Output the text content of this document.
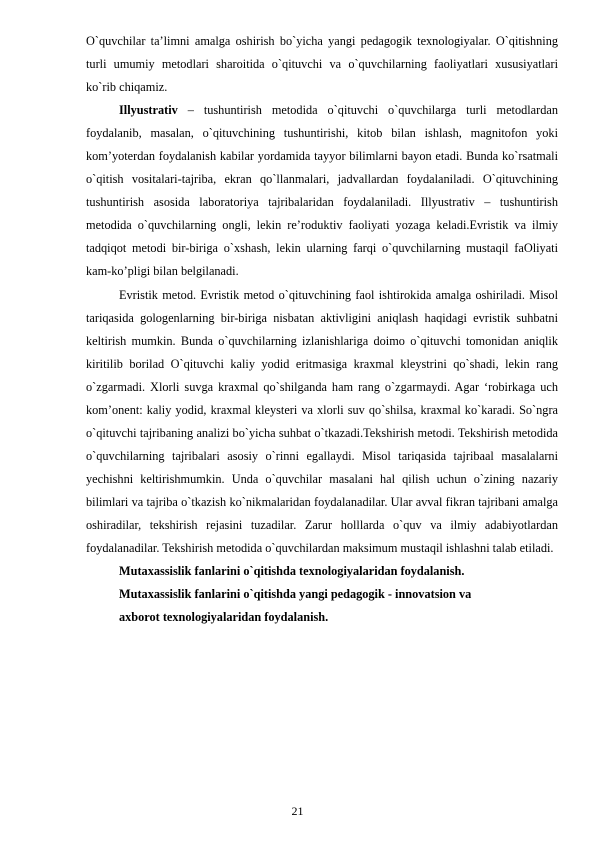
O`quvchilar ta’limni amalga oshirish bo`yicha yangi pedagogik texnologiyalar. O`qitishning turli umumiy metodlari sharoitida o`qituvchi va o`quvchilarning faoliyatlari xususiyatlari ko`rib chiqamiz.

Illyustrativ – tushuntirish metodida o`qituvchi o`quvchilarga turli metodlardan foydalanib, masalan, o`qituvchining tushuntirishi, kitob bilan ishlash, magnitofon yoki kom’yoterdan foydalanish kabilar yordamida tayyor bilimlarni bayon etadi. Bunda ko`rsatmali o`qitish vositalari-tajriba, ekran qo`llanmalari, jadvallardan foydalaniladi. O`qituvchining tushuntirish asosida laboratoriya tajribalaridan foydalaniladi. Illyustrativ – tushuntirish metodida o`quvchilarning ongli, lekin re’roduktiv faoliyati yozaga keladi.Evristik va ilmiy tadqiqot metodi bir-biriga o`xshash, lekin ularning farqi o`quvchilarning mustaqil faOliyati kam-ko’pligi bilan belgilanadi.

Evristik metod. Evristik metod o`qituvchining faol ishtirokida amalga oshiriladi. Misol tariqasida gologenlarning bir-biriga nisbatan aktivligini aniqlash haqidagi evristik suhbatni keltirish mumkin. Bunda o`quvchilarning izlanishlariga doimo o`qituvchi tomonidan aniqlik kiritilib borilad O`qituvchi kaliy yodid eritmasiga kraxmal kleystrini qo`shadi, lekin rang o`zgarmadi. Xlorli suvga kraxmal qo`shilganda ham rang o`zgarmaydi. Agar ‘robirkaga uch kom’onent: kaliy yodid, kraxmal kleysteri va xlorli suv qo`shilsa, kraxmal ko`karadi. So`ngra o`qituvchi tajribaning analizi bo`yicha suhbat o`tkazadi.Tekshirish metodi. Tekshirish metodida o`quvchilarning tajribalari asosiy o`rinni egallaydi. Misol tariqasida tajribaal masalalarni yechishni keltirishmumkin. Unda o`quvchilar masalani hal qilish uchun o`zining nazariy bilimlari va tajriba o`tkazish ko`nikmalaridan foydalanadilar. Ular avval fikran tajribani amalga oshiradilar, tekshirish rejasini tuzadilar. Zarur holllarda o`quv va ilmiy adabiyotlardan foydalanadilar. Tekshirish metodida o`quvchilardan maksimum mustaqil ishlashni talab etiladi.

Mutaxassislik fanlarini o`qitishda texnologiyalaridan foydalanish.

Mutaxassislik fanlarini o`qitishda yangi pedagogik - innovatsion va

axborot texnologiyalaridan foydalanish.

21
